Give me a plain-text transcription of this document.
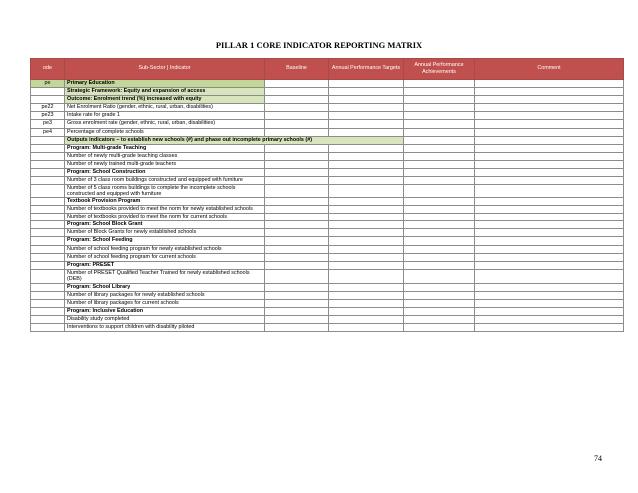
PILLAR 1 CORE INDICATOR REPORTING MATRIX
ode	Sub-Sector | Indicator	Baseline	Annual Performance Targets	Annual Performance Achievements	Comment
pe	Primary Education				
	Strategic Framework: Equity and expansion of access				
	Outcome: Enrolment trend (%) increased with equity				
pe22	Net Enrolment Ratio (gender, ethnic, rural, urban, disabilities)				
pe23	Intake rate for grade 1				
pe3	Gross enrolment rate (gender, ethnic, rural, urban, disabilities)				
pe4	Percentage of complete schools				
	Outputs indicators – to establish new schools (#) and phase out incomplete primary schools (#)				
	Program: Multi-grade Teaching				
	Number of newly multi-grade teaching classes				
	Number of newly trained multi-grade teachers				
	Program: School Construction				
	Number of 3 class room buildings constructed and equipped with furniture				
	Number of 5 class rooms buildings to complete the incomplete schools constructed and equipped with furniture				
	Textbook Provision Program				
	Number of textbooks provided to meet the norm for newly established schools				
	Number of textbooks provided to meet the norm for current schools				
	Program: School Block Grant				
	Number of Block Grants for newly established schools				
	Program: School Feeding				
	Number of school feeding program for newly established schools				
	Number of school feeding program for current schools				
	Program: PRESET				
	Number of PRESET Qualified Teacher Trained for newly established schools (DEB)				
	Program: School Library				
	Number of library packages for newly established schools				
	Number of library packages for current schools				
	Program: Inclusive Education				
	Disability study completed				
	Interventions to support children with disability piloted				
74
